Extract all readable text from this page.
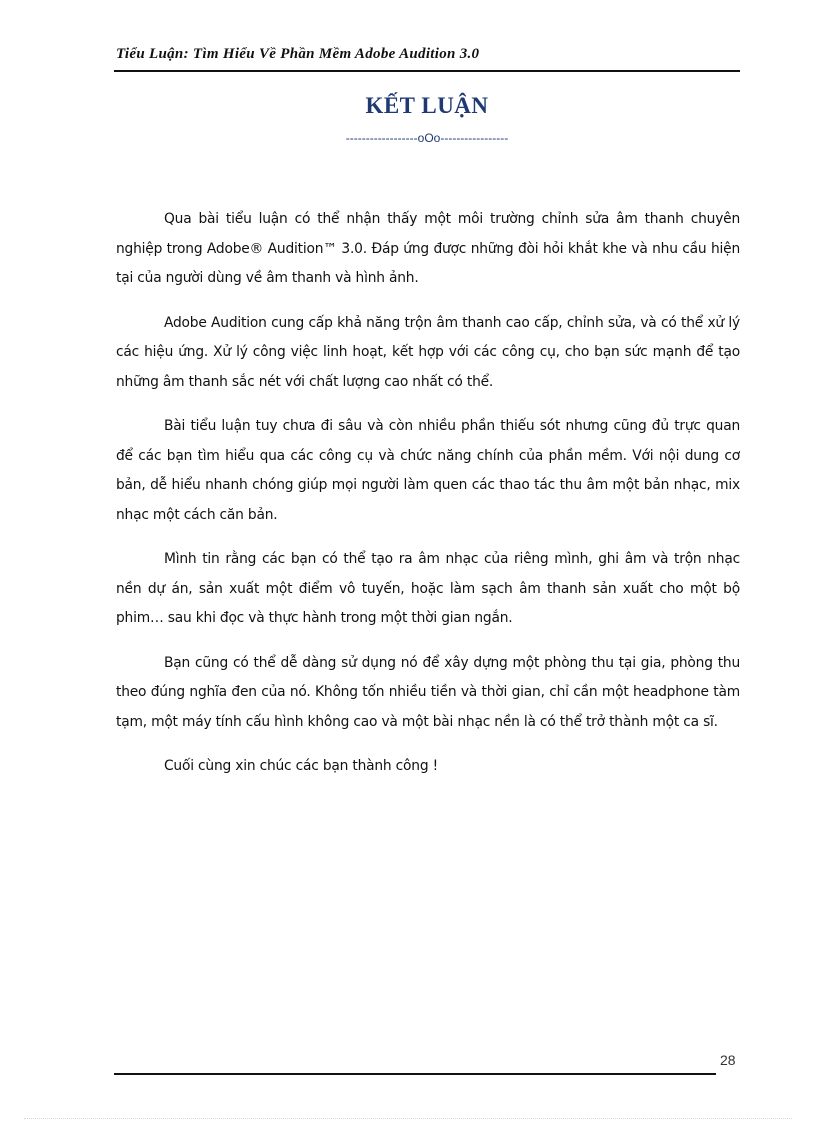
Tiểu Luận: Tìm Hiểu Về Phần Mềm Adobe Audition 3.0
KẾT LUẬN
------------------oOo-----------------

Qua bài tiểu luận có thể nhận thấy một môi trường chỉnh sửa âm thanh chuyên nghiệp trong Adobe® Audition™ 3.0. Đáp ứng được những đòi hỏi khắt khe và nhu cầu hiện tại của người dùng về âm thanh và hình ảnh.

Adobe Audition cung cấp khả năng trộn âm thanh cao cấp, chỉnh sửa, và có thể xử lý các hiệu ứng. Xử lý công việc linh hoạt, kết hợp với các công cụ, cho bạn sức mạnh để tạo những âm thanh sắc nét với chất lượng cao nhất có thể.

Bài tiểu luận tuy chưa đi sâu và còn nhiều phần thiếu sót nhưng cũng đủ trực quan để các bạn tìm hiểu qua các công cụ và chức năng chính của phần mềm. Với nội dung cơ bản, dễ hiểu nhanh chóng giúp mọi người làm quen các thao tác thu âm một bản nhạc, mix nhạc một cách căn bản.

Mình tin rằng các bạn có thể tạo ra âm nhạc của riêng mình, ghi âm và trộn nhạc nền dự án, sản xuất một điểm vô tuyến, hoặc làm sạch âm thanh sản xuất cho một bộ phim… sau khi đọc và thực hành trong một thời gian ngắn.

Bạn cũng có thể dễ dàng sử dụng nó để xây dựng một phòng thu tại gia, phòng thu theo đúng nghĩa đen của nó. Không tốn nhiều tiền và thời gian, chỉ cần một headphone tàm tạm, một máy tính cấu hình không cao và một bài nhạc nền là có thể trở thành một ca sĩ.

Cuối cùng xin chúc các bạn thành công !

28
